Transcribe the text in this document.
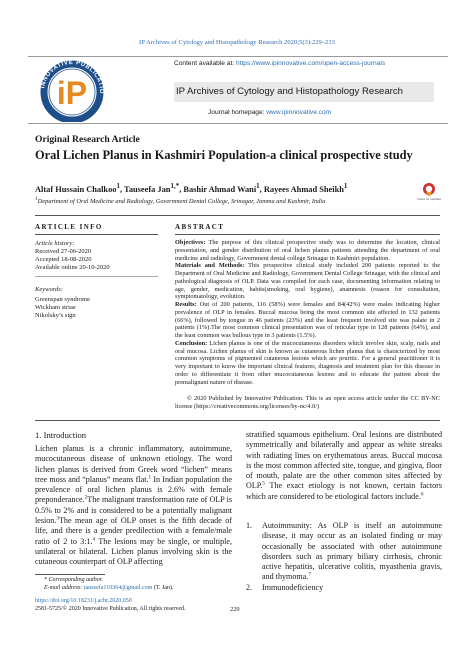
IP Archives of Cytology and Histopathology Research 2020;5(3):229–233
INNOVATIVE PUBLICATIO
iP
Content available at: https://www.ipinnovative.com/open-access-journals
IP Archives of Cytology and Histopathology Research
Journal homepage: www.ipinnovative.com
Original Research Article
Oral Lichen Planus in Kashmiri Population-a clinical prospective study
Altaf Hussain Chalkoo$^1$, Tauseefa Jan$^{1,*}$, Bashir Ahmad Wani$^1$, Rayees Ahmad Sheikh$^1$
$^1$Department of Oral Medicine and Radiology, Government Dental College, Srinagar, Jammu and Kashmir, India	Check for updates
ARTICLE INFO	ABSTRACT
Article history:
Received 27-06-2020
Accepted 18-08-2020
Available online 20-10-2020
Keywords:
Greenspan syndrome
Wickham striae
Nikolsky’s sign

Objectives: The purpose of this clinical prospective study was to determine the location, clinical presentation, and gender distribution of oral lichen planus patients attending the department of oral medicine and radiology, Government dental college Srinagar in Kashmiri population.

Materials and Methods: This prospective clinical study included 200 patients reported to the Department of Oral Medicine and Radiology, Government Dental College Srinagar, with the clinical and pathological diagnosis of OLP. Data was compiled for each case, documenting information relating to age, gender, medication, habits(smoking, oral hygiene), anamnesis (reason for consultation, symptomatology, evolution.

Results: Out of 200 patients, 116 (58%) were females and 84(42%) were males indicating higher prevalence of OLP in females. Buccal mucosa being the most common site affected in 132 patients (66%), followed by tongue in 46 patients (23%) and the least frequent involved site was palate in 2 patients (1%).The most common clinical presentation was of reticular type in 128 patients (64%), and the least common was bullous type in 3 patients (1.5%).

Conclusion: Lichen planus is one of the mucocutaneous disorders which involve skin, scalp, nails and oral mucosa. Lichen planus of skin is known as cutaneous lichen planus that is characterized by most common symptoms of pigmented cutaneous lesions which are pruritic. For a general practitioner it is very important to know the important clinical features, diagnosis and treatment plan for this disease in order to differentiate it from other mucocutaneous lesions and to educate the patient about the premalignant nature of disease.

© 2020 Published by Innovative Publication. This is an open access article under the CC BY-NC license (https://creativecommons.org/licenses/by-nc/4.0/)

1. Introduction

Lichen planus is a chronic inflammatory, autoimmune, mucocutaneous disease of unknown etiology. The word lichen planus is derived from Greek word “lichen” means tree moss and “planus” means flat.$^1$ In Indian population the prevalence of oral lichen planus is 2.6% with female preponderance.$^2$The malignant transformation rate of OLP is 0.5% to 2% and is considered to be a potentially malignant lesion.$^3$The mean age of OLP onset is the fifth decade of life, and there is a gender predilection with a female/male ratio of 2 to 3:1.$^4$ The lesions may be single, or multiple, unilateral or bilateral. Lichen planus involving skin is the cutaneous counterpart of OLP affecting

stratified squamous epithelium. Oral lesions are distributed symmetrically and bilaterally and appear as white streaks with radiating lines on erythematous areas. Buccal mucosa is the most common affected site, tongue, and gingiva, floor of mouth, palate are the other common sites affected by OLP.$^5$ The exact etiology is not known, certain factors which are considered to be etiological factors include.$^6$

1.	Autoimmunity: As OLP is itself an autoimmune disease, it may occur as an isolated finding or may occasionally be associated with other autoimmune disorders such as primary biliary cirrhosis, chronic active hepatitis, ulcerative colitis, myasthenia gravis, and thymoma.$^7$
2.	Immunodeficiency
* Corresponding author.
E-mail address: tauseefa110364@gmail.com (T. Jan).
https://doi.org/10.18231/j.achr.2020.050
2581-5725/© 2020 Innovative Publication, All rights reserved.	229
